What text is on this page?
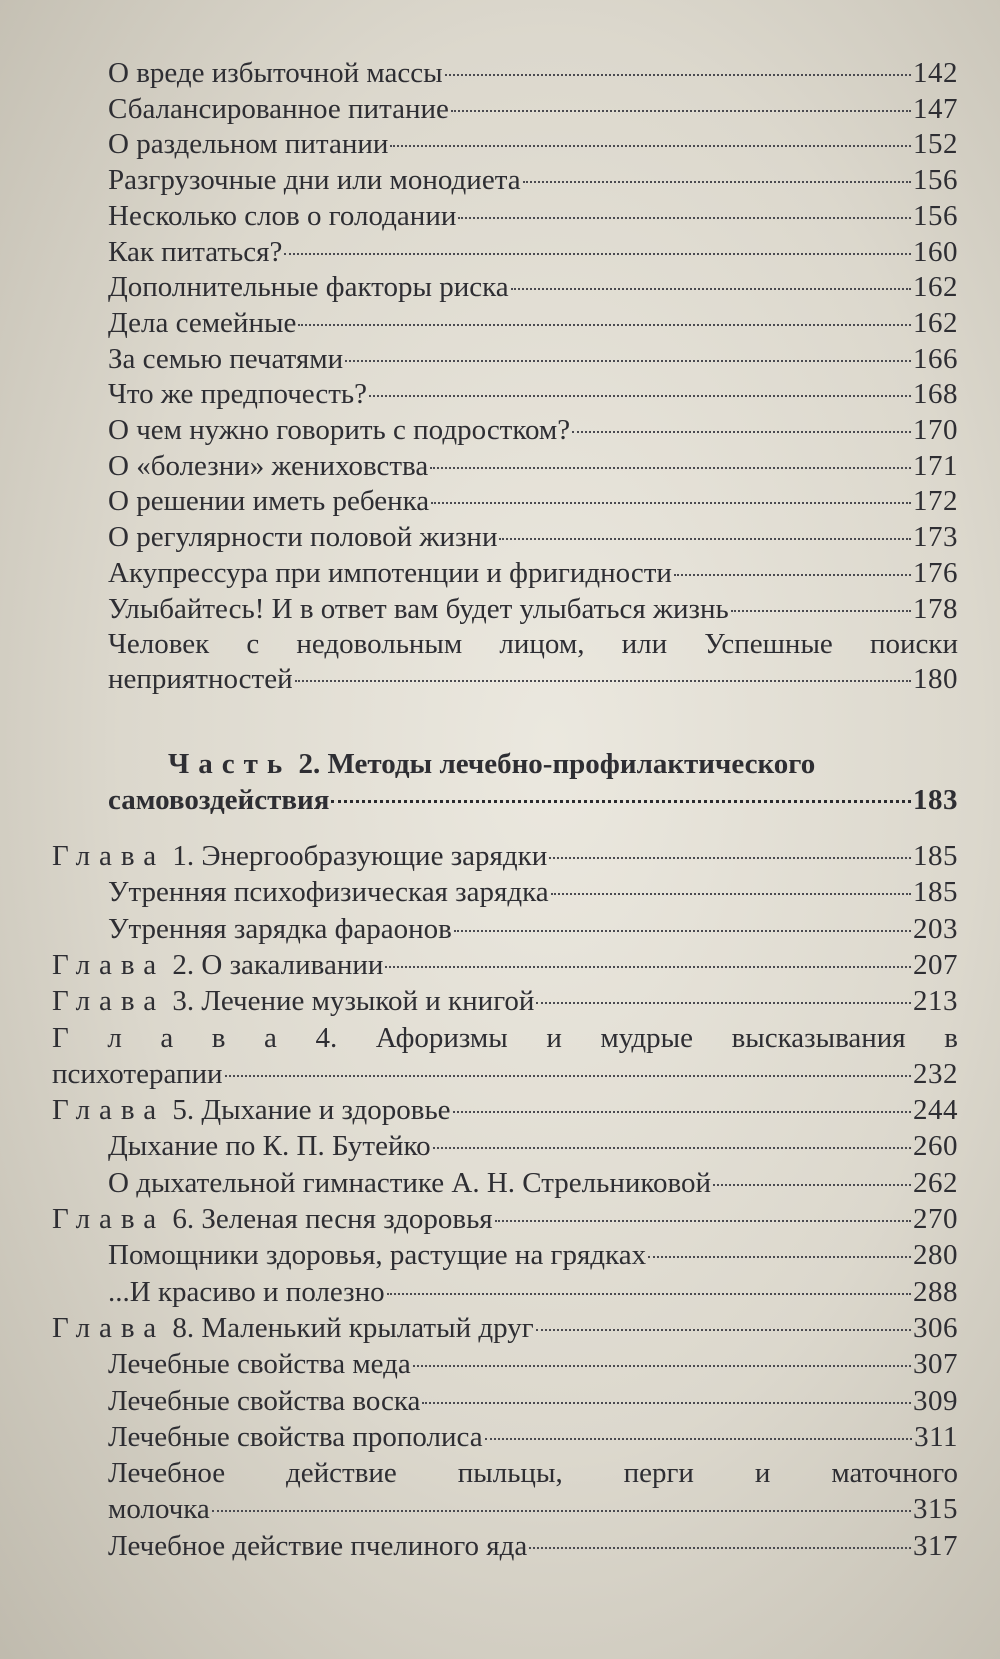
О вреде избыточной массы	142
Сбалансированное питание	147
О раздельном питании	152
Разгрузочные дни или монодиета	156
Несколько слов о голодании	156
Как питаться?	160
Дополнительные факторы риска	162
Дела семейные	162
За семью печатями	166
Что же предпочесть?	168
О чем нужно говорить с подростком?	170
О «болезни» жениховства	171
О решении иметь ребенка	172
О регулярности половой жизни	173
Акупрессура при импотенции и фригидности	176
Улыбайтесь! И в ответ вам будет улыбаться жизнь	178
Человек с недовольным лицом, или Успешные поиски
неприятностей	180
Часть 2. Методы лечебно-профилактического
самовоздействия	183
Глава 1. Энергообразующие зарядки	185
Утренняя психофизическая зарядка	185
Утренняя зарядка фараонов	203
Глава 2. О закаливании	207
Глава 3. Лечение музыкой и книгой	213
Г л а в а 4. Афоризмы и мудрые высказывания в
психотерапии	232
Глава 5. Дыхание и здоровье	244
Дыхание по К. П. Бутейко	260
О дыхательной гимнастике А. Н. Стрельниковой	262
Глава 6. Зеленая песня здоровья	270
Помощники здоровья, растущие на грядках	280
...И красиво и полезно	288
Глава 8. Маленький крылатый друг	306
Лечебные свойства меда	307
Лечебные свойства воска	309
Лечебные свойства прополиса	311
Лечебное действие пыльцы, перги и маточного
молочка	315
Лечебное действие пчелиного яда	317
